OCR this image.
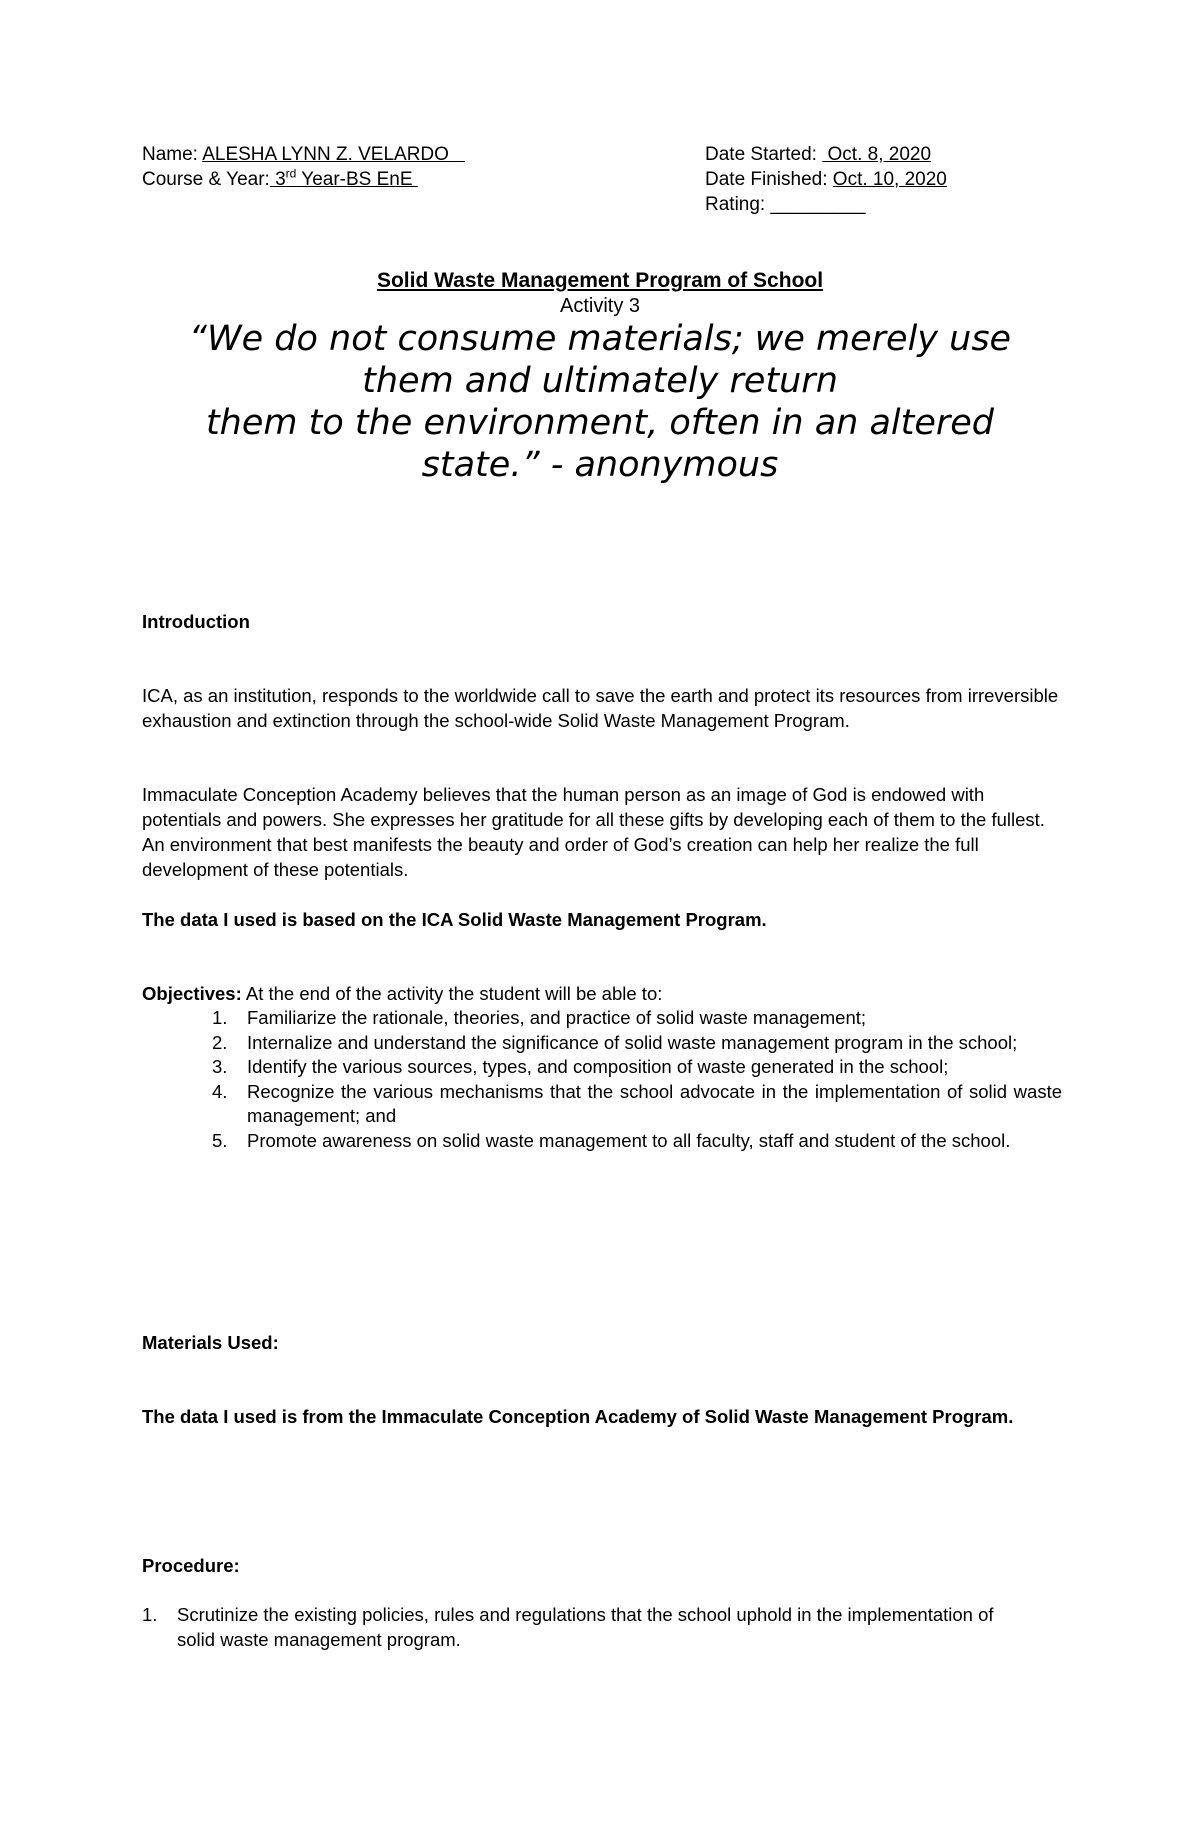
Name: ALESHA LYNN Z. VELARDO
Course & Year: 3rd Year-BS EnE
Date Started: Oct. 8, 2020
Date Finished: Oct. 10, 2020
Rating: _________
Solid Waste Management Program of School
Activity 3
“We do not consume materials; we merely use
them and ultimately return
them to the environment, often in an altered
state.” - anonymous
Introduction
ICA, as an institution, responds to the worldwide call to save the earth and protect its resources from irreversible exhaustion and extinction through the school-wide Solid Waste Management Program.
Immaculate Conception Academy believes that the human person as an image of God is endowed with potentials and powers. She expresses her gratitude for all these gifts by developing each of them to the fullest. An environment that best manifests the beauty and order of God’s creation can help her realize the full development of these potentials.
The data I used is based on the ICA Solid Waste Management Program.
Objectives: At the end of the activity the student will be able to:
1. Familiarize the rationale, theories, and practice of solid waste management;
2. Internalize and understand the significance of solid waste management program in the school;
3. Identify the various sources, types, and composition of waste generated in the school;
4. Recognize the various mechanisms that the school advocate in the implementation of solid waste management; and
5. Promote awareness on solid waste management to all faculty, staff and student of the school.
Materials Used:
The data I used is from the Immaculate Conception Academy of Solid Waste Management Program.
Procedure:
1. Scrutinize the existing policies, rules and regulations that the school uphold in the implementation of solid waste management program.
